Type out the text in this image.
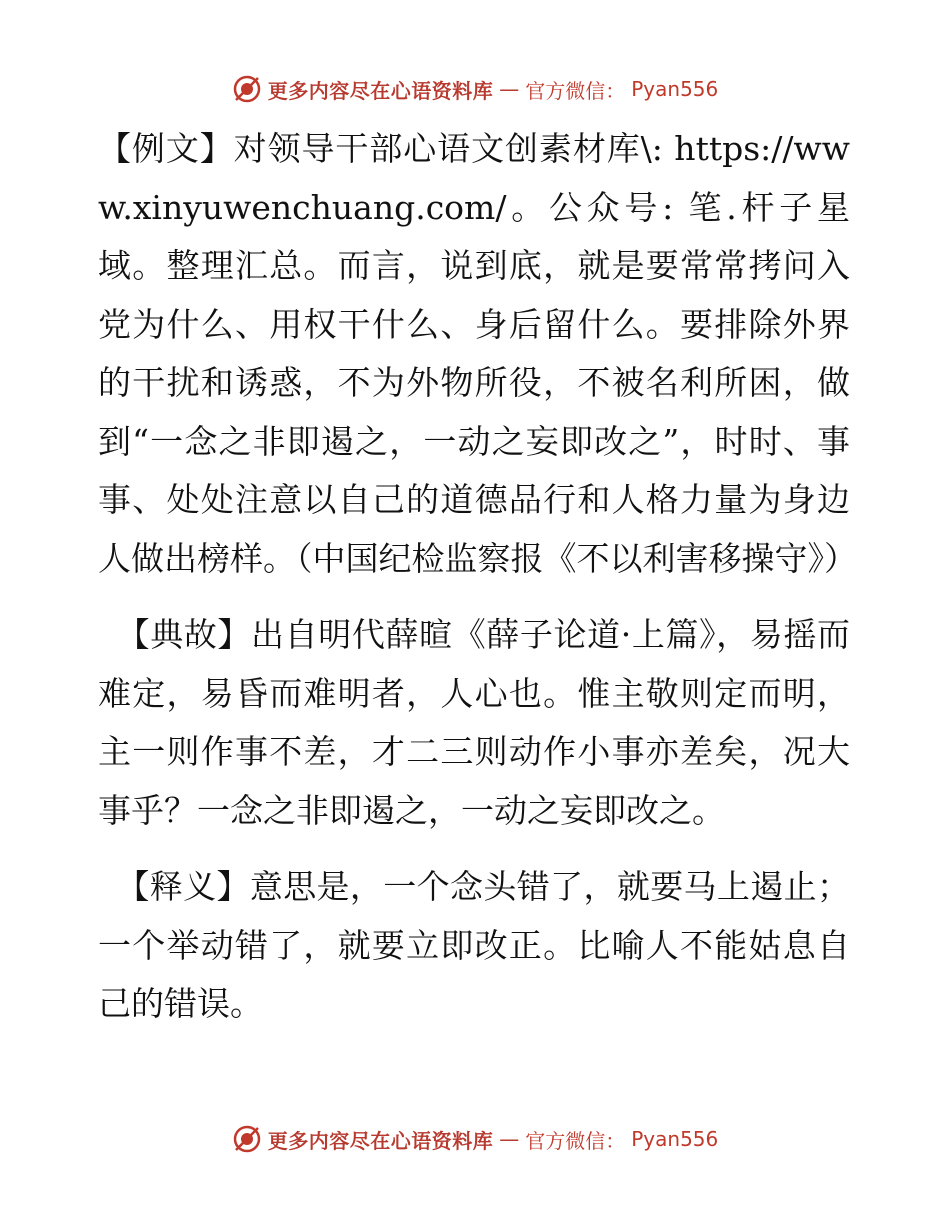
更多内容尽在心语资料库 — 官方微信： Pyan556

【例文】对领导干部心语文创素材库\: https://www.xinyuwenchuang.com/。公众号: 笔.杆子星域。整理汇总。而言，说到底，就是要常常拷问入党为什么、用权干什么、身后留什么。要排除外界的干扰和诱惑，不为外物所役，不被名利所困，做到“一念之非即遏之，一动之妄即改之”，时时、事事、处处注意以自己的道德品行和人格力量为身边人做出榜样。（中国纪检监察报《不以利害移操守》）

【典故】出自明代薛暄《薛子论道·上篇》，易摇而难定，易昏而难明者，人心也。惟主敬则定而明，主一则作事不差，才二三则动作小事亦差矣，况大事乎？一念之非即遏之，一动之妄即改之。

【释义】意思是，一个念头错了，就要马上遏止；一个举动错了，就要立即改正。比喻人不能姑息自己的错误。

更多内容尽在心语资料库 — 官方微信： Pyan556
